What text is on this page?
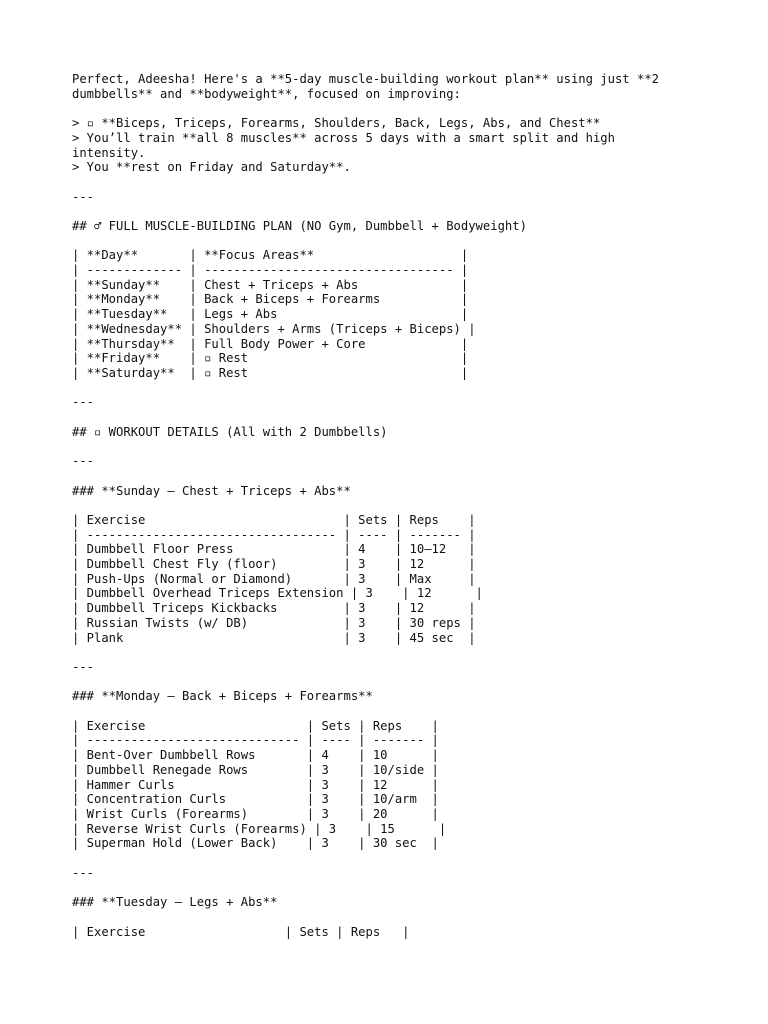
Perfect, Adeesha! Here's a **5-day muscle-building workout plan** using just **2
dumbbells** and **bodyweight**, focused on improving:
> ▫ **Biceps, Triceps, Forearms, Shoulders, Back, Legs, Abs, and Chest**
> You’ll train **all 8 muscles** across 5 days with a smart split and high
intensity.
> You **rest on Friday and Saturday**.
---
## ♂ FULL MUSCLE-BUILDING PLAN (NO Gym, Dumbbell + Bodyweight)
| **Day**       | **Focus Areas**                    |
| ------------- | ---------------------------------- |
| **Sunday**    | Chest + Triceps + Abs              |
| **Monday**    | Back + Biceps + Forearms           |
| **Tuesday**   | Legs + Abs                         |
| **Wednesday** | Shoulders + Arms (Triceps + Biceps) |
| **Thursday**  | Full Body Power + Core             |
| **Friday**    | ▫ Rest                             |
| **Saturday**  | ▫ Rest                             |
---
## ▫ WORKOUT DETAILS (All with 2 Dumbbells)
---
### **Sunday – Chest + Triceps + Abs**
| Exercise                           | Sets | Reps    |
| ---------------------------------- | ---- | ------- |
| Dumbbell Floor Press               | 4    | 10–12   |
| Dumbbell Chest Fly (floor)         | 3    | 12      |
| Push-Ups (Normal or Diamond)       | 3    | Max     |
| Dumbbell Overhead Triceps Extension | 3    | 12      |
| Dumbbell Triceps Kickbacks         | 3    | 12      |
| Russian Twists (w/ DB)             | 3    | 30 reps |
| Plank                              | 3    | 45 sec  |
---
### **Monday – Back + Biceps + Forearms**
| Exercise                      | Sets | Reps    |
| ----------------------------- | ---- | ------- |
| Bent-Over Dumbbell Rows       | 4    | 10      |
| Dumbbell Renegade Rows        | 3    | 10/side |
| Hammer Curls                  | 3    | 12      |
| Concentration Curls           | 3    | 10/arm  |
| Wrist Curls (Forearms)        | 3    | 20      |
| Reverse Wrist Curls (Forearms) | 3    | 15      |
| Superman Hold (Lower Back)    | 3    | 30 sec  |
---
### **Tuesday – Legs + Abs**
| Exercise                   | Sets | Reps   |
